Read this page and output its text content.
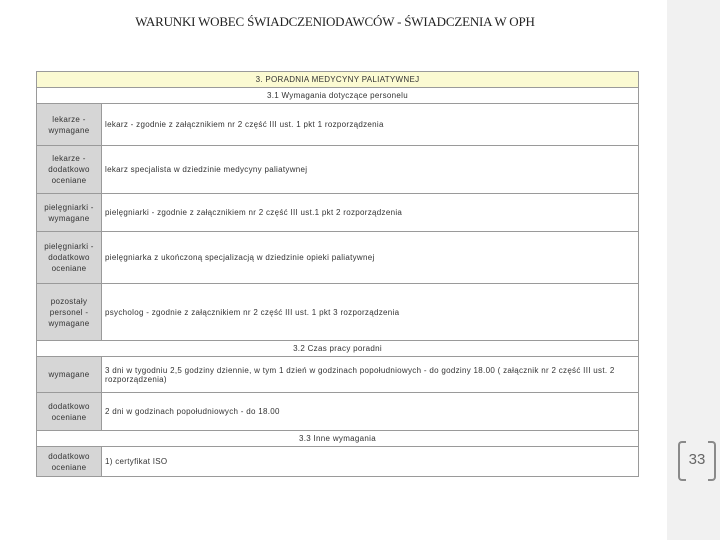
WARUNKI WOBEC ŚWIADCZENIODAWCÓW - ŚWIADCZENIA W OPH
3. PORADNIA MEDYCYNY PALIATYWNEJ	
3.1 Wymagania dotyczące personelu	
lekarze - wymagane	lekarz - zgodnie z załącznikiem nr 2 część III ust. 1 pkt 1 rozporządzenia
lekarze - dodatkowo oceniane	lekarz specjalista w dziedzinie medycyny paliatywnej
pielęgniarki - wymagane	pielęgniarki - zgodnie z załącznikiem nr 2 część III ust.1 pkt 2 rozporządzenia
pielęgniarki - dodatkowo oceniane	pielęgniarka z ukończoną specjalizacją w dziedzinie opieki paliatywnej
pozostały personel - wymagane	psycholog - zgodnie z załącznikiem nr 2 część III ust. 1 pkt 3 rozporządzenia
3.2 Czas pracy poradni	
wymagane	3 dni w tygodniu 2,5 godziny dziennie, w tym 1 dzień w godzinach popołudniowych - do godziny 18.00 ( załącznik nr 2 część III ust. 2 rozporządzenia)
dodatkowo oceniane	2 dni w godzinach popołudniowych - do 18.00
3.3 Inne wymagania	
dodatkowo oceniane	1) certyfikat ISO	33
